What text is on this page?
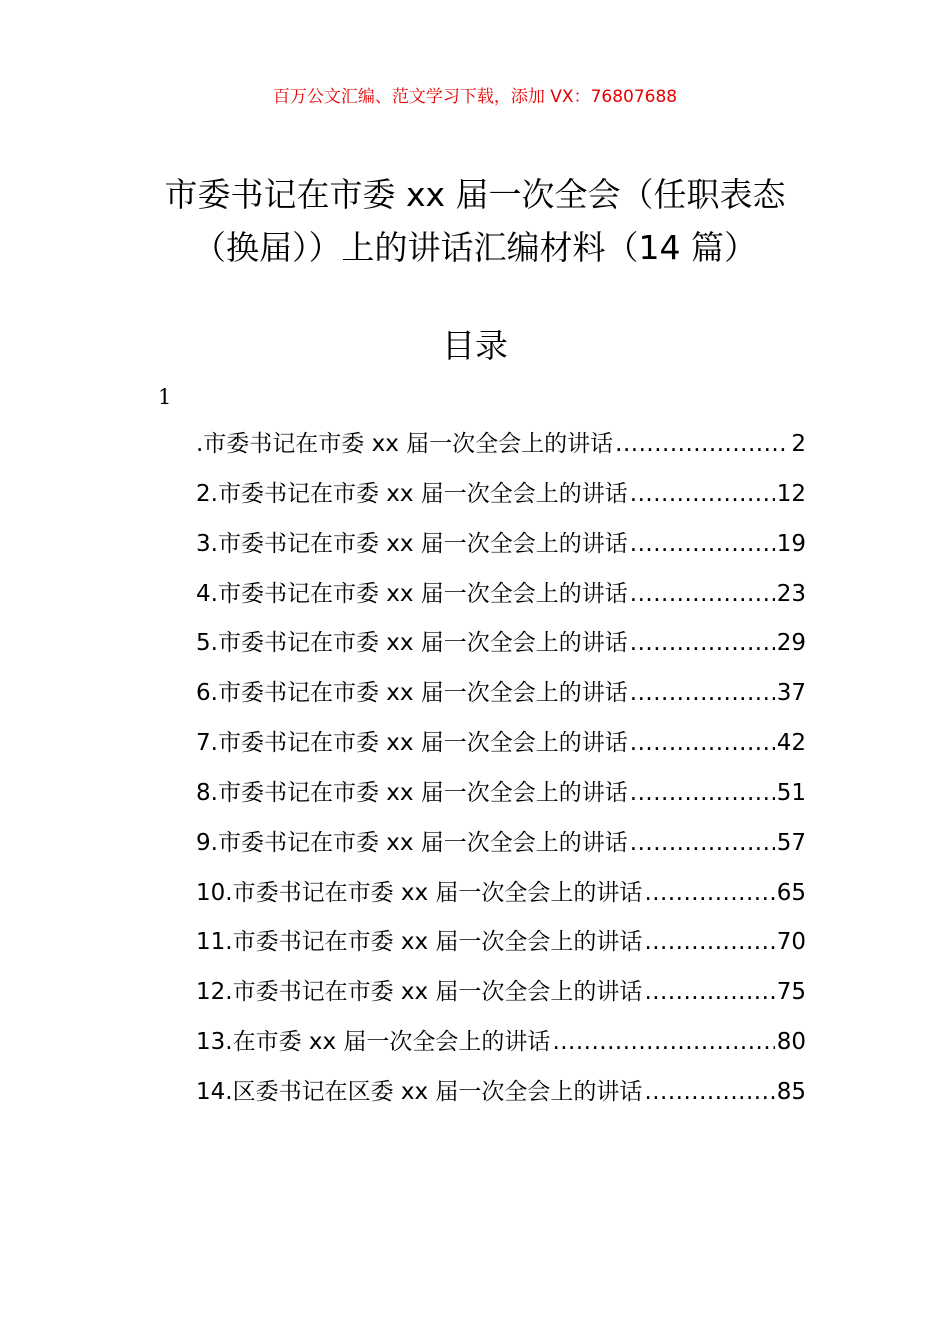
百万公文汇编、范文学习下载，添加 VX：76807688
市委书记在市委 xx 届一次全会（任职表态
（换届））上的讲话汇编材料（14 篇）
目录
1
.市委书记在市委 xx 届一次全会上的讲话 .....	2
2 .市委书记在市委 xx 届一次全会上的讲话 .....	12
3 .市委书记在市委 xx 届一次全会上的讲话 .....	19
4 .市委书记在市委 xx 届一次全会上的讲话 .....	23
5 .市委书记在市委 xx 届一次全会上的讲话 .....	29
6 .市委书记在市委 xx 届一次全会上的讲话 .....	37
7 .市委书记在市委 xx 届一次全会上的讲话 .....	42
8 .市委书记在市委 xx 届一次全会上的讲话 .....	51
9 .市委书记在市委 xx 届一次全会上的讲话 .....	57
10 .市委书记在市委 xx 届一次全会上的讲话 .....	65
11 .市委书记在市委 xx 届一次全会上的讲话 .....	70
12 .市委书记在市委 xx 届一次全会上的讲话 .....	75
13 .在市委 xx 届一次全会上的讲话 .....	80
14 .区委书记在区委 xx 届一次全会上的讲话 .....	85
